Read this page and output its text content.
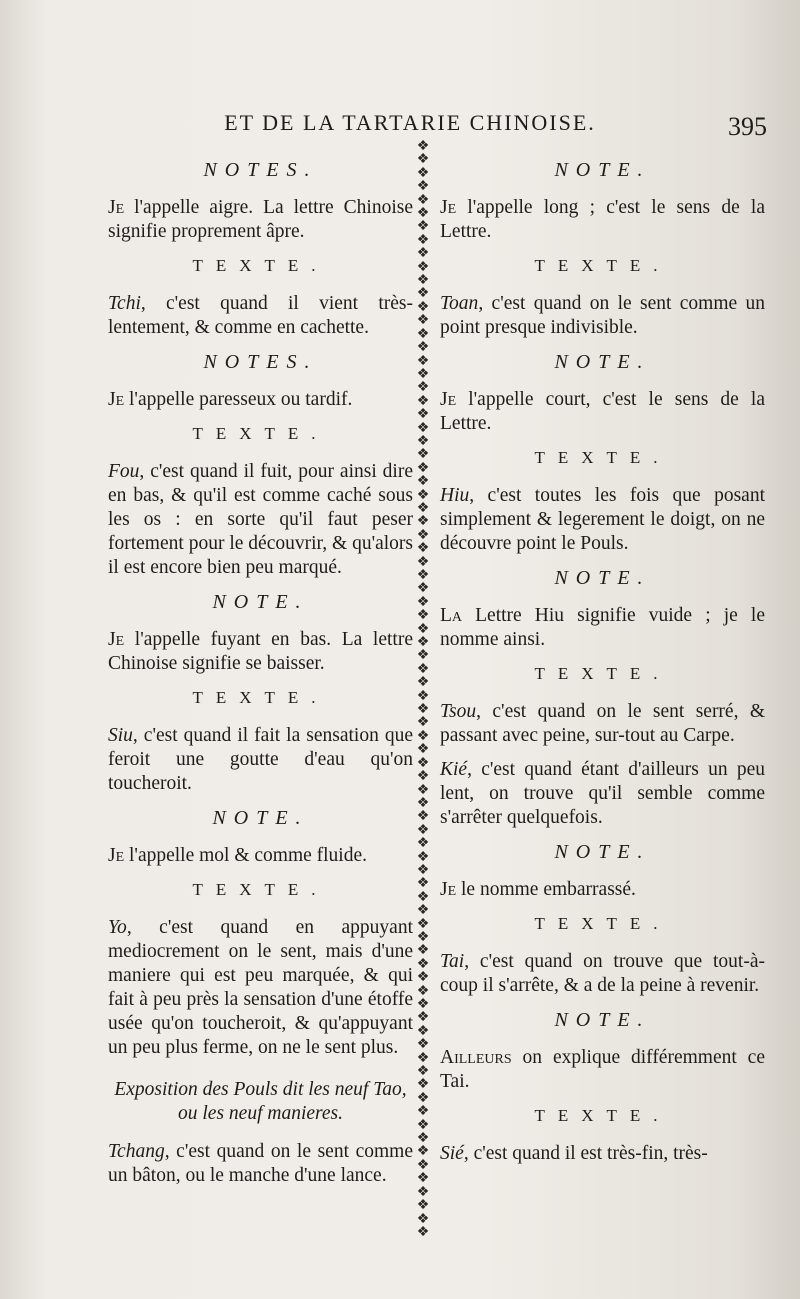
ET DE LA TARTARIE CHINOISE.	395
NOTES.
Je l'appelle aigre. La lettre Chinoise signifie proprement âpre.
TEXTE.
Tchi, c'est quand il vient très-lentement, & comme en cachette.
NOTES.
Je l'appelle paresseux ou tardif.
TEXTE.
Fou, c'est quand il fuit, pour ainsi dire en bas, & qu'il est comme caché sous les os : en sorte qu'il faut peser fortement pour le découvrir, & qu'alors il est encore bien peu marqué.
NOTE.
Je l'appelle fuyant en bas. La lettre Chinoise signifie se baisser.
TEXTE.
Siu, c'est quand il fait la sensation que feroit une goutte d'eau qu'on toucheroit.
NOTE.
Je l'appelle mol & comme fluide.
TEXTE.
Yo, c'est quand en appuyant mediocrement on le sent, mais d'une maniere qui est peu marquée, & qui fait à peu près la sensation d'une étoffe usée qu'on toucheroit, & qu'appuyant un peu plus ferme, on ne le sent plus.
Exposition des Pouls dit les neuf Tao, ou les neuf manieres.
Tchang, c'est quand on le sent comme un bâton, ou le manche d'une lance.
❖
❖
❖
❖
❖
❖
❖
❖
❖
❖
❖
❖
❖
❖
❖
❖
❖
❖
❖
❖
❖
❖
❖
❖
❖
❖
❖
❖
❖
❖
❖
❖
❖
❖
❖
❖
❖
❖
❖
❖
❖
❖
❖
❖
❖
❖
❖
❖
❖
❖
❖
❖
❖
❖
❖
❖
❖
❖
❖
❖
❖
❖
❖
❖
❖
❖
❖
❖
❖
❖
❖
❖
❖
❖
❖
❖
❖
❖
❖
❖
❖
❖
NOTE.
Je l'appelle long ; c'est le sens de la Lettre.
TEXTE.
Toan, c'est quand on le sent comme un point presque indivisible.
NOTE.
Je l'appelle court, c'est le sens de la Lettre.
TEXTE.
Hiu, c'est toutes les fois que posant simplement & legerement le doigt, on ne découvre point le Pouls.
NOTE.
La Lettre Hiu signifie vuide ; je le nomme ainsi.
TEXTE.
Tsou, c'est quand on le sent serré, & passant avec peine, sur-tout au Carpe.
Kié, c'est quand étant d'ailleurs un peu lent, on trouve qu'il semble comme s'arrêter quelquefois.
NOTE.
Je le nomme embarrassé.
TEXTE.
Tai, c'est quand on trouve que tout-à-coup il s'arrête, & a de la peine à revenir.
NOTE.
Ailleurs on explique différemment ce Tai.
TEXTE.
Sié, c'est quand il est très-fin, très-
